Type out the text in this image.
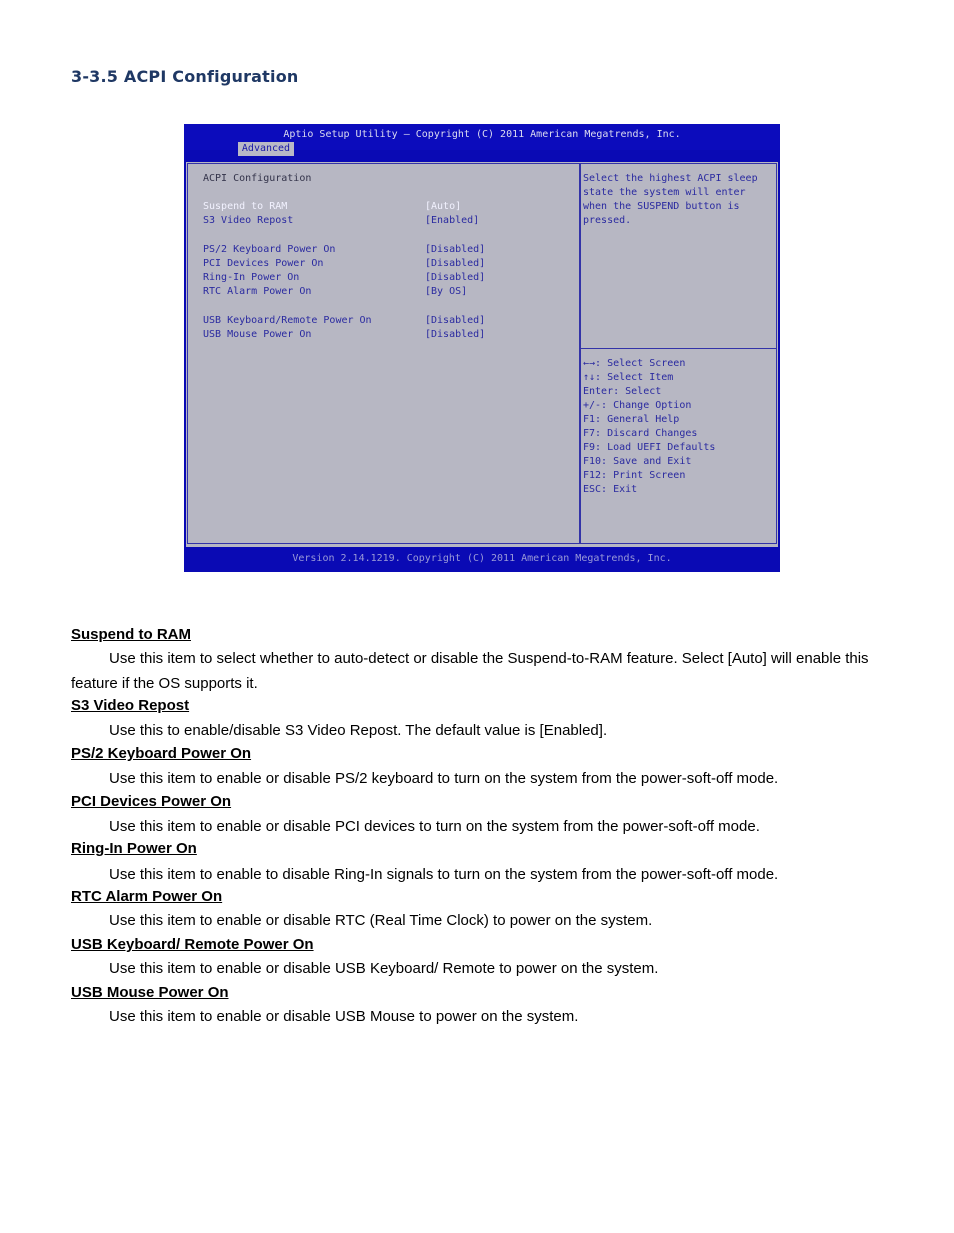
3-3.5 ACPI Configuration
Aptio Setup Utility – Copyright (C) 2011 American Megatrends, Inc.
Advanced
ACPI Configuration
Suspend to RAM	[Auto]
S3 Video Repost	[Enabled]
PS/2 Keyboard Power On	[Disabled]
PCI Devices Power On	[Disabled]
Ring-In Power On	[Disabled]
RTC Alarm Power On	[By OS]
USB Keyboard/Remote Power On	[Disabled]
USB Mouse Power On	[Disabled]
Select the highest ACPI sleep
state the system will enter
when the SUSPEND button is
pressed.
←→: Select Screen
↑↓: Select Item
Enter: Select
+/-: Change Option
F1: General Help
F7: Discard Changes
F9: Load UEFI Defaults
F10: Save and Exit
F12: Print Screen
ESC: Exit
Version 2.14.1219. Copyright (C) 2011 American Megatrends, Inc.
Suspend to RAM

Use this item to select whether to auto-detect or disable the Suspend-to-RAM feature. Select [Auto] will enable this feature if the OS supports it.

S3 Video Repost

Use this to enable/disable S3 Video Repost. The default value is [Enabled].

PS/2 Keyboard Power On

Use this item to enable or disable PS/2 keyboard to turn on the system from the power-soft-off mode.

PCI Devices Power On

Use this item to enable or disable PCI devices to turn on the system from the power-soft-off mode.

Ring-In Power On

Use this item to enable to disable Ring-In signals to turn on the system from the power-soft-off mode.

RTC Alarm Power On

Use this item to enable or disable RTC (Real Time Clock) to power on the system.

USB Keyboard/ Remote Power On

Use this item to enable or disable USB Keyboard/ Remote to power on the system.

USB Mouse Power On

Use this item to enable or disable USB Mouse to power on the system.
